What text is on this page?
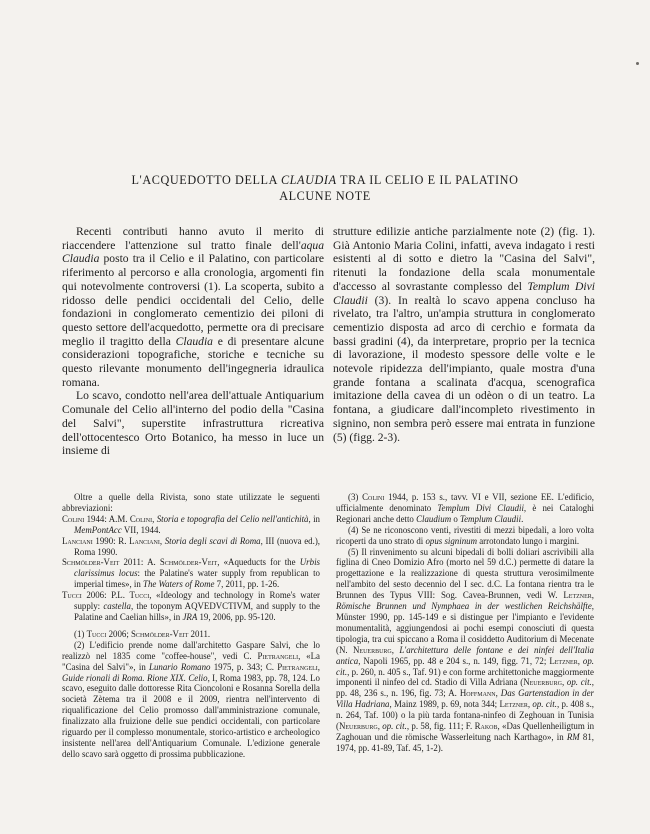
L'ACQUEDOTTO DELLA CLAUDIA TRA IL CELIO E IL PALATINO
ALCUNE NOTE

Recenti contributi hanno avuto il merito di riaccendere l'attenzione sul tratto finale dell'aqua Claudia posto tra il Celio e il Palatino, con particolare riferimento al percorso e alla cronologia, argomenti fin qui notevolmente controversi (1). La scoperta, subito a ridosso delle pendici occidentali del Celio, delle fondazioni in conglomerato cementizio dei piloni di questo settore dell'acquedotto, permette ora di precisare meglio il tragitto della Claudia e di presentare alcune considerazioni topografiche, storiche e tecniche su questo rilevante monumento dell'ingegneria idraulica romana.

Lo scavo, condotto nell'area dell'attuale Antiquarium Comunale del Celio all'interno del podio della "Casina del Salvi", superstite infrastruttura ricreativa dell'ottocentesco Orto Botanico, ha messo in luce un insieme di

strutture edilizie antiche parzialmente note (2) (fig. 1). Già Antonio Maria Colini, infatti, aveva indagato i resti esistenti al di sotto e dietro la "Casina del Salvi", ritenuti la fondazione della scala monumentale d'accesso al sovrastante complesso del Templum Divi Claudii (3). In realtà lo scavo appena concluso ha rivelato, tra l'altro, un'ampia struttura in conglomerato cementizio disposta ad arco di cerchio e formata da bassi gradini (4), da interpretare, proprio per la tecnica di lavorazione, il modesto spessore delle volte e le notevole ripidezza dell'impianto, quale mostra d'una grande fontana a scalinata d'acqua, scenografica imitazione della cavea di un odèon o di un teatro. La fontana, a giudicare dall'incompleto rivestimento in signino, non sembra però essere mai entrata in funzione (5) (figg. 2-3).

Oltre a quelle della Rivista, sono state utilizzate le seguenti abbreviazioni:

Colini 1944: A.M. Colini, Storia e topografia del Celio nell'antichità, in MemPontAcc VII, 1944.

Lanciani 1990: R. Lanciani, Storia degli scavi di Roma, III (nuova ed.), Roma 1990.

Schmölder-Veit 2011: A. Schmölder-Veit, «Aqueducts for the Urbis clarissimus locus: the Palatine's water supply from republican to imperial times», in The Waters of Rome 7, 2011, pp. 1-26.

Tucci 2006: P.L. Tucci, «Ideology and technology in Rome's water supply: castella, the toponym AQVEDVCTIVM, and supply to the Palatine and Caelian hills», in JRA 19, 2006, pp. 95-120.

(1) Tucci 2006; Schmölder-Veit 2011.

(2) L'edificio prende nome dall'architetto Gaspare Salvi, che lo realizzò nel 1835 come "coffee-house", vedi C. Pietrangeli, «La "Casina del Salvi"», in Lunario Romano 1975, p. 343; C. Pietrangeli, Guide rionali di Roma. Rione XIX. Celio, I, Roma 1983, pp. 78, 124. Lo scavo, eseguito dalle dottoresse Rita Cioncoloni e Rosanna Sorella della società Zètema tra il 2008 e il 2009, rientra nell'intervento di riqualificazione del Celio promosso dall'amministrazione comunale, finalizzato alla fruizione delle sue pendici occidentali, con particolare riguardo per il complesso monumentale, storico-artistico e archeologico insistente nell'area dell'Antiquarium Comunale. L'edizione generale dello scavo sarà oggetto di prossima pubblicazione.

(3) Colini 1944, p. 153 s., tavv. VI e VII, sezione EE. L'edificio, ufficialmente denominato Templum Divi Claudii, è nei Cataloghi Regionari anche detto Claudium o Templum Claudii.

(4) Se ne riconoscono venti, rivestiti di mezzi bipedali, a loro volta ricoperti da uno strato di opus signinum arrotondato lungo i margini.

(5) Il rinvenimento su alcuni bipedali di bolli doliari ascrivibili alla figlina di Cneo Domizio Afro (morto nel 59 d.C.) permette di datare la progettazione e la realizzazione di questa struttura verosimilmente nell'ambito del sesto decennio del I sec. d.C. La fontana rientra tra le Brunnen des Typus VIII: Sog. Cavea-Brunnen, vedi W. Letzner, Römische Brunnen und Nymphaea in der westlichen Reichshälfte, Münster 1990, pp. 145-149 e si distingue per l'impianto e l'evidente monumentalità, aggiungendosi ai pochi esempi conosciuti di questa tipologia, tra cui spiccano a Roma il cosiddetto Auditorium di Mecenate (N. Neuerburg, L'architettura delle fontane e dei ninfei dell'Italia antica, Napoli 1965, pp. 48 e 204 s., n. 149, figg. 71, 72; Letzner, op. cit., p. 260, n. 405 s., Taf. 91) e con forme architettoniche maggiormente imponenti il ninfeo del cd. Stadio di Villa Adriana (Neuerburg, op. cit., pp. 48, 236 s., n. 196, fig. 73; A. Hoffmann, Das Gartenstadion in der Villa Hadriana, Mainz 1989, p. 69, nota 344; Letzner, op. cit., p. 408 s., n. 264, Taf. 100) o la più tarda fontana-ninfeo di Zeghouan in Tunisia (Neuerburg, op. cit., p. 58, fig. 111; F. Rakob, «Das Quellenheiligtum in Zaghouan und die römische Wasserleitung nach Karthago», in RM 81, 1974, pp. 41-89, Taf. 45, 1-2).
